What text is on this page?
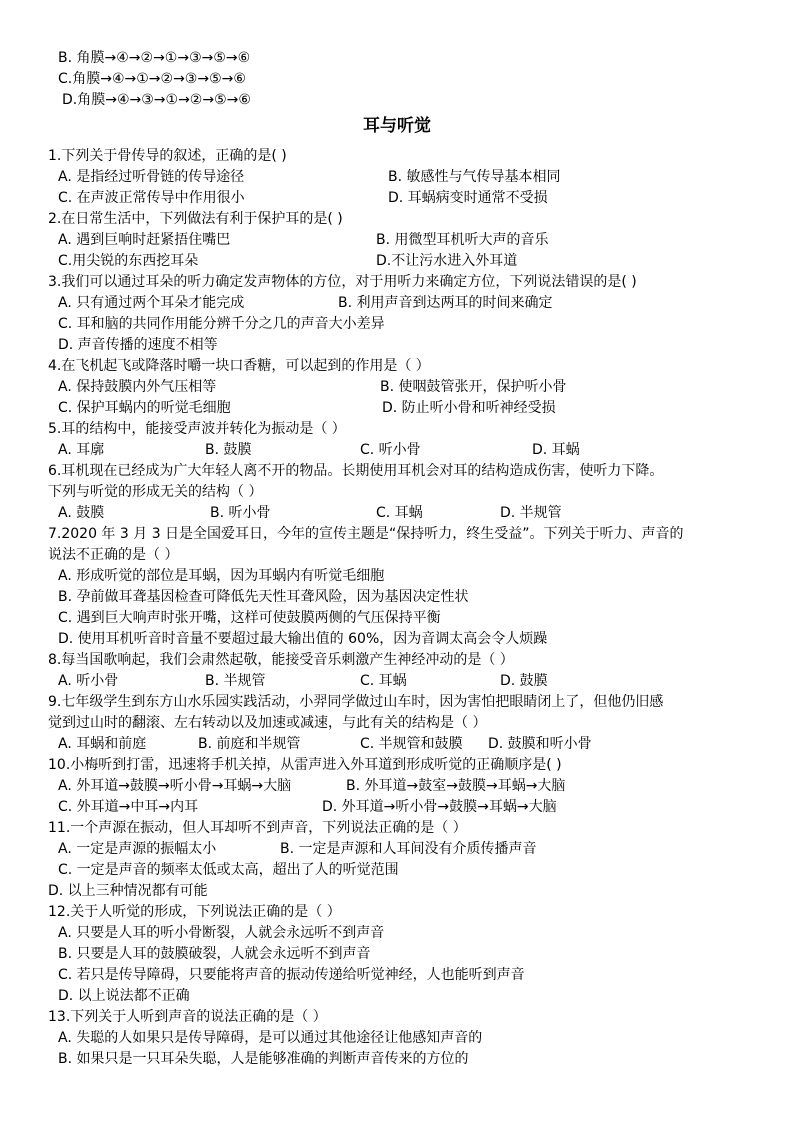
B. 角膜→④→②→①→③→⑤→⑥
C.角膜→④→①→②→③→⑤→⑥
D.角膜→④→③→①→②→⑤→⑥
耳与听觉
1.下列关于骨传导的叙述，正确的是( )
A. 是指经过听骨链的传导途径	B. 敏感性与气传导基本相同
C. 在声波正常传导中作用很小	D. 耳蜗病变时通常不受损
2.在日常生活中，下列做法有利于保护耳的是( )
A. 遇到巨响时赶紧捂住嘴巴	B. 用微型耳机听大声的音乐
C.用尖锐的东西挖耳朵	D.不让污水进入外耳道
3.我们可以通过耳朵的听力确定发声物体的方位，对于用听力来确定方位，下列说法错误的是( )
A. 只有通过两个耳朵才能完成	B. 利用声音到达两耳的时间来确定
C. 耳和脑的共同作用能分辨千分之几的声音大小差异
D. 声音传播的速度不相等
4.在飞机起飞或降落时嚼一块口香糖，可以起到的作用是（ ）
A. 保持鼓膜内外气压相等	B. 使咽鼓管张开，保护听小骨
C. 保护耳蜗内的听觉毛细胞	D. 防止听小骨和听神经受损
5.耳的结构中，能接受声波并转化为振动是（ ）
A. 耳廓	B. 鼓膜	C. 听小骨	D. 耳蜗
6.耳机现在已经成为广大年轻人离不开的物品。长期使用耳机会对耳的结构造成伤害，使听力下降。
下列与听觉的形成无关的结构（ ）
A. 鼓膜	B. 听小骨	C. 耳蜗	D. 半规管
7.2020 年 3 月 3 日是全国爱耳日，今年的宣传主题是“保持听力，终生受益”。下列关于听力、声音的
说法不正确的是（ ）
A. 形成听觉的部位是耳蜗，因为耳蜗内有听觉毛细胞
B. 孕前做耳聋基因检查可降低先天性耳聋风险，因为基因决定性状
C. 遇到巨大响声时张开嘴，这样可使鼓膜两侧的气压保持平衡
D. 使用耳机听音时音量不要超过最大输出值的 60%，因为音调太高会令人烦躁
8.每当国歌响起，我们会肃然起敬，能接受音乐刺激产生神经冲动的是（ ）
A. 听小骨	B. 半规管	C. 耳蜗	D. 鼓膜
9.七年级学生到东方山水乐园实践活动，小羿同学做过山车时，因为害怕把眼睛闭上了，但他仍旧感
觉到过山时的翻滚、左右转动以及加速或减速，与此有关的结构是（ ）
A. 耳蜗和前庭	B. 前庭和半规管	C. 半规管和鼓膜 D. 鼓膜和听小骨
10.小梅听到打雷，迅速将手机关掉，从雷声进入外耳道到形成听觉的正确顺序是( )
A. 外耳道→鼓膜→听小骨→耳蜗→大脑	B. 外耳道→鼓室→鼓膜→耳蜗→大脑
C. 外耳道→中耳→内耳	D. 外耳道→听小骨→鼓膜→耳蜗→大脑
11.一个声源在振动，但人耳却听不到声音，下列说法正确的是（ ）
A. 一定是声源的振幅太小	B. 一定是声源和人耳间没有介质传播声音
C. 一定是声音的频率太低或太高，超出了人的听觉范围
D. 以上三种情况都有可能
12.关于人听觉的形成，下列说法正确的是（ ）
A. 只要是人耳的听小骨断裂，人就会永远听不到声音
B. 只要是人耳的鼓膜破裂，人就会永远听不到声音
C. 若只是传导障碍，只要能将声音的振动传递给听觉神经，人也能听到声音
D. 以上说法都不正确
13.下列关于人听到声音的说法正确的是（ ）
A. 失聪的人如果只是传导障碍，是可以通过其他途径让他感知声音的
B. 如果只是一只耳朵失聪，人是能够准确的判断声音传来的方位的
